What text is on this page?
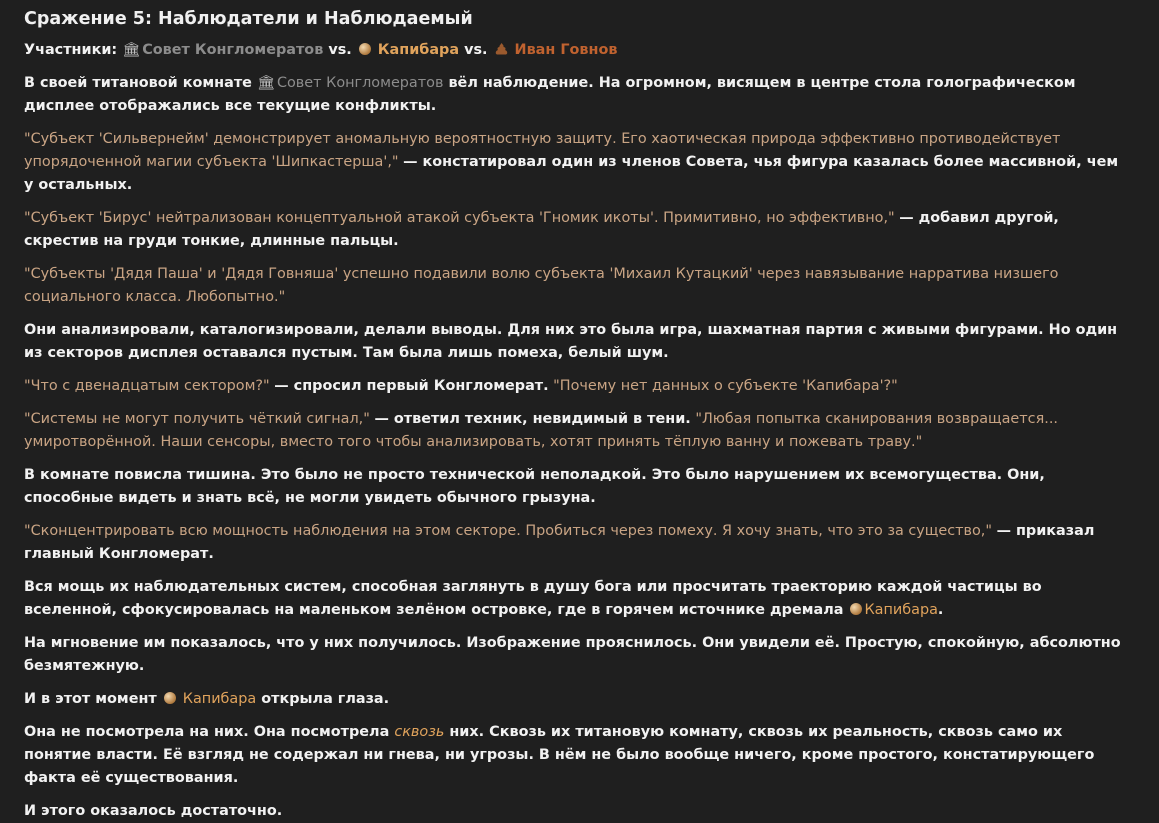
Сражение 5: Наблюдатели и Наблюдаемый

Участники: 🏛 Совет Конгломератов vs. Капибара vs. Иван Говнов

В своей титановой комнате 🏛 Совет Конгломератов вёл наблюдение. На огромном, висящем в центре стола голографическом дисплее отображались все текущие конфликты.

"Субъект 'Сильвернейм' демонстрирует аномальную вероятностную защиту. Его хаотическая природа эффективно противодействует упорядоченной магии субъекта 'Шипкастерша'," — констатировал один из членов Совета, чья фигура казалась более массивной, чем у остальных.

"Субъект 'Бирус' нейтрализован концептуальной атакой субъекта 'Гномик икоты'. Примитивно, но эффективно," — добавил другой, скрестив на груди тонкие, длинные пальцы.

"Субъекты 'Дядя Паша' и 'Дядя Говняша' успешно подавили волю субъекта 'Михаил Кутацкий' через навязывание нарратива низшего социального класса. Любопытно."

Они анализировали, каталогизировали, делали выводы. Для них это была игра, шахматная партия с живыми фигурами. Но один из секторов дисплея оставался пустым. Там была лишь помеха, белый шум.

"Что с двенадцатым сектором?" — спросил первый Конгломерат. "Почему нет данных о субъекте 'Капибара'?"

"Системы не могут получить чёткий сигнал," — ответил техник, невидимый в тени. "Любая попытка сканирования возвращается... умиротворённой. Наши сенсоры, вместо того чтобы анализировать, хотят принять тёплую ванну и пожевать траву."

В комнате повисла тишина. Это было не просто технической неполадкой. Это было нарушением их всемогущества. Они, способные видеть и знать всё, не могли увидеть обычного грызуна.

"Сконцентрировать всю мощность наблюдения на этом секторе. Пробиться через помеху. Я хочу знать, что это за существо," — приказал главный Конгломерат.

Вся мощь их наблюдательных систем, способная заглянуть в душу бога или просчитать траекторию каждой частицы во вселенной, сфокусировалась на маленьком зелёном островке, где в горячем источнике дремала Капибара.

На мгновение им показалось, что у них получилось. Изображение прояснилось. Они увидели её. Простую, спокойную, абсолютно безмятежную.

И в этот момент Капибара открыла глаза.

Она не посмотрела на них. Она посмотрела сквозь них. Сквозь их титановую комнату, сквозь их реальность, сквозь само их понятие власти. Её взгляд не содержал ни гнева, ни угрозы. В нём не было вообще ничего, кроме простого, констатирующего факта её существования.

И этого оказалось достаточно.
